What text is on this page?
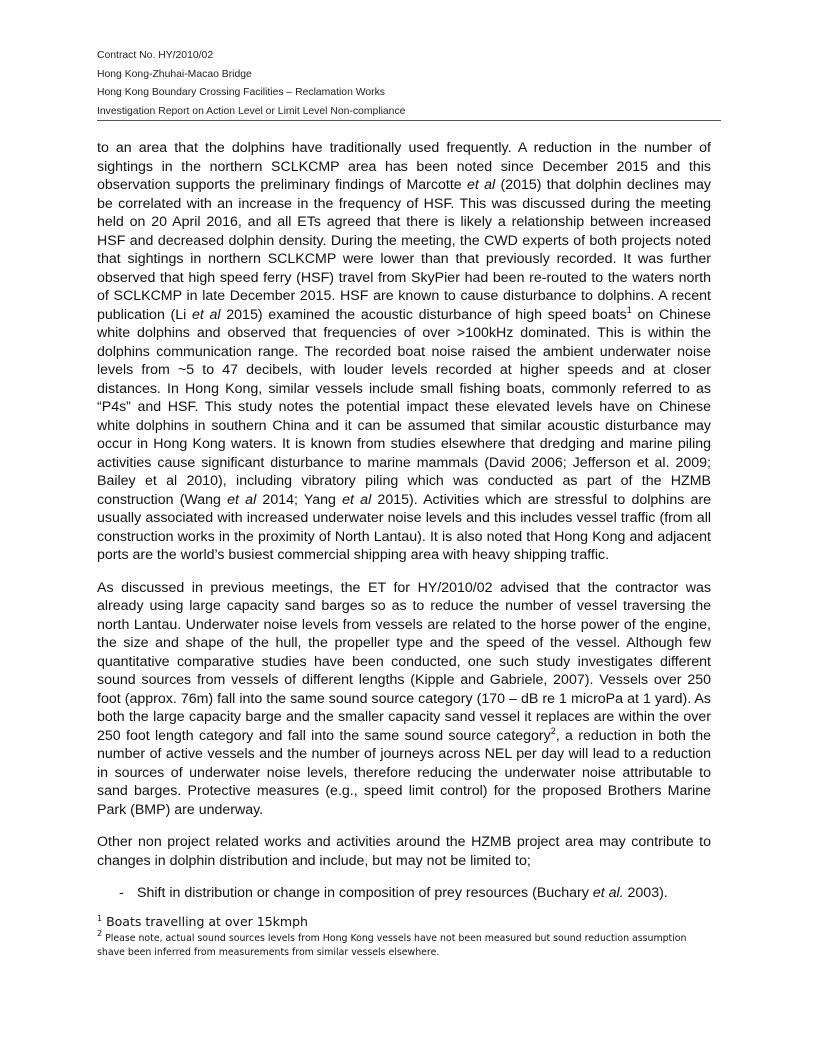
Contract No. HY/2010/02
Hong Kong-Zhuhai-Macao Bridge
Hong Kong Boundary Crossing Facilities – Reclamation Works
Investigation Report on Action Level or Limit Level Non-compliance

to an area that the dolphins have traditionally used frequently. A reduction in the number of sightings in the northern SCLKCMP area has been noted since December 2015 and this observation supports the preliminary findings of Marcotte et al (2015) that dolphin declines may be correlated with an increase in the frequency of HSF. This was discussed during the meeting held on 20 April 2016, and all ETs agreed that there is likely a relationship between increased HSF and decreased dolphin density. During the meeting, the CWD experts of both projects noted that sightings in northern SCLKCMP were lower than that previously recorded. It was further observed that high speed ferry (HSF) travel from SkyPier had been re-routed to the waters north of SCLKCMP in late December 2015. HSF are known to cause disturbance to dolphins. A recent publication (Li et al 2015) examined the acoustic disturbance of high speed boats$^1$ on Chinese white dolphins and observed that frequencies of over >100kHz dominated. This is within the dolphins communication range. The recorded boat noise raised the ambient underwater noise levels from ~5 to 47 decibels, with louder levels recorded at higher speeds and at closer distances. In Hong Kong, similar vessels include small fishing boats, commonly referred to as “P4s” and HSF. This study notes the potential impact these elevated levels have on Chinese white dolphins in southern China and it can be assumed that similar acoustic disturbance may occur in Hong Kong waters. It is known from studies elsewhere that dredging and marine piling activities cause significant disturbance to marine mammals (David 2006; Jefferson et al. 2009; Bailey et al 2010), including vibratory piling which was conducted as part of the HZMB construction (Wang et al 2014; Yang et al 2015). Activities which are stressful to dolphins are usually associated with increased underwater noise levels and this includes vessel traffic (from all construction works in the proximity of North Lantau). It is also noted that Hong Kong and adjacent ports are the world’s busiest commercial shipping area with heavy shipping traffic.

As discussed in previous meetings, the ET for HY/2010/02 advised that the contractor was already using large capacity sand barges so as to reduce the number of vessel traversing the north Lantau. Underwater noise levels from vessels are related to the horse power of the engine, the size and shape of the hull, the propeller type and the speed of the vessel. Although few quantitative comparative studies have been conducted, one such study investigates different sound sources from vessels of different lengths (Kipple and Gabriele, 2007). Vessels over 250 foot (approx. 76m) fall into the same sound source category (170 – dB re 1 microPa at 1 yard). As both the large capacity barge and the smaller capacity sand vessel it replaces are within the over 250 foot length category and fall into the same sound source category$^2$, a reduction in both the number of active vessels and the number of journeys across NEL per day will lead to a reduction in sources of underwater noise levels, therefore reducing the underwater noise attributable to sand barges. Protective measures (e.g., speed limit control) for the proposed Brothers Marine Park (BMP) are underway.

Other non project related works and activities around the HZMB project area may contribute to changes in dolphin distribution and include, but may not be limited to;

- Shift in distribution or change in composition of prey resources (Buchary et al. 2003).
$^1$ Boats travelling at over 15kmph
$^2$ Please note, actual sound sources levels from Hong Kong vessels have not been measured but sound reduction assumption shave been inferred from measurements from similar vessels elsewhere.
